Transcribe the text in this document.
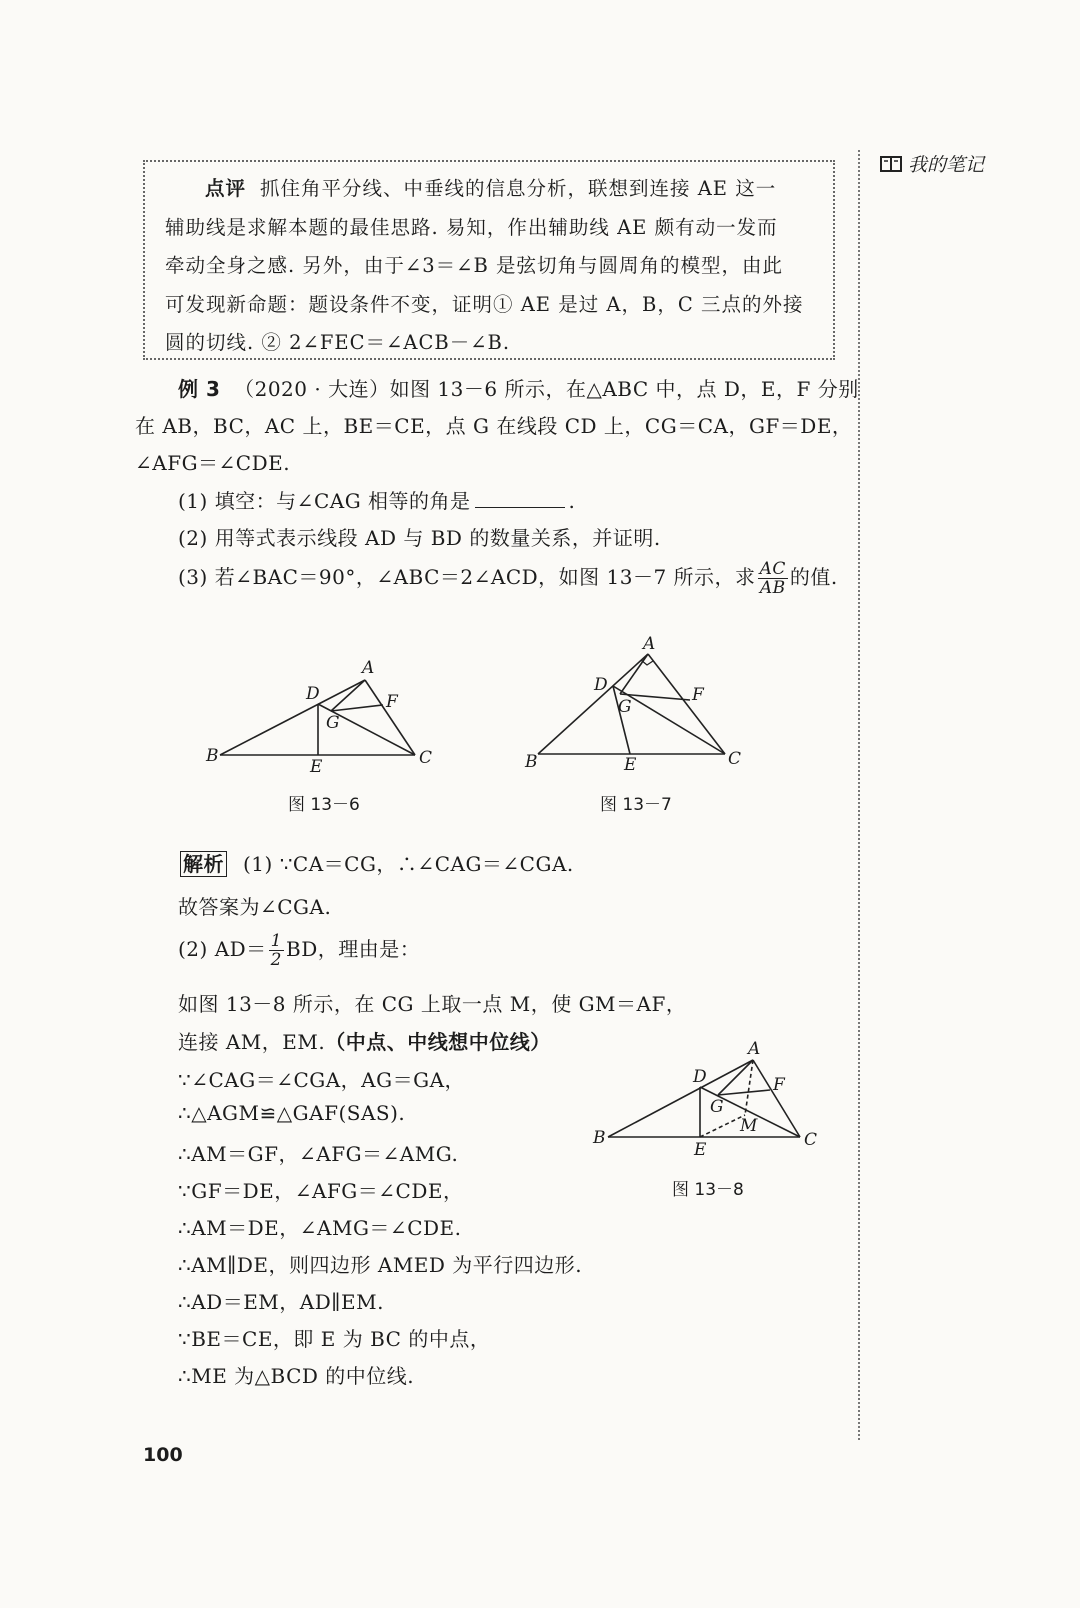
我的笔记

点评 抓住角平分线、中垂线的信息分析，联想到连接 AE 这一

辅助线是求解本题的最佳思路. 易知，作出辅助线 AE 颇有动一发而

牵动全身之感. 另外，由于∠3＝∠B 是弦切角与圆周角的模型，由此

可发现新命题：题设条件不变，证明① AE 是过 A，B，C 三点的外接

圆的切线. ② 2∠FEC＝∠ACB－∠B.

例 3 （2020 · 大连）如图 13－6 所示，在△ABC 中，点 D，E，F 分别
在 AB，BC，AC 上，BE＝CE，点 G 在线段 CD 上，CG＝CA，GF＝DE，
∠AFG＝∠CDE.
(1) 填空：与∠CAG 相等的角是	.
(2) 用等式表示线段 AD 与 BD 的数量关系，并证明.
(3) 若∠BAC＝90°，∠ABC＝2∠ACD，如图 13－7 所示，求 $\frac{AC}{AB}$ 的值.
A
B	C
D
E
F
G
图 13－6
A
B	C
D
E
F
G
图 13－7
解析 (1) ∵CA＝CG，∴∠CAG＝∠CGA.
故答案为∠CGA.
(2) $AD= \frac{1}{2}$ BD，理由是：
如图 13－8 所示，在 CG 上取一点 M，使 GM＝AF，
连接 AM，EM.（中点、中线想中位线）
∵∠CAG＝∠CGA，AG＝GA，
∴△AGM≌△GAF(SAS).
∴AM＝GF，∠AFG＝∠AMG.
∵GF＝DE，∠AFG＝∠CDE，
∴AM＝DE，∠AMG＝∠CDE.
∴AM∥DE，则四边形 AMED 为平行四边形.
∴AD＝EM，AD∥EM.
∵BE＝CE，即 E 为 BC 的中点，
∴ME 为△BCD 的中位线.
A
B	C
D
E
F
G
M
图 13－8
100
